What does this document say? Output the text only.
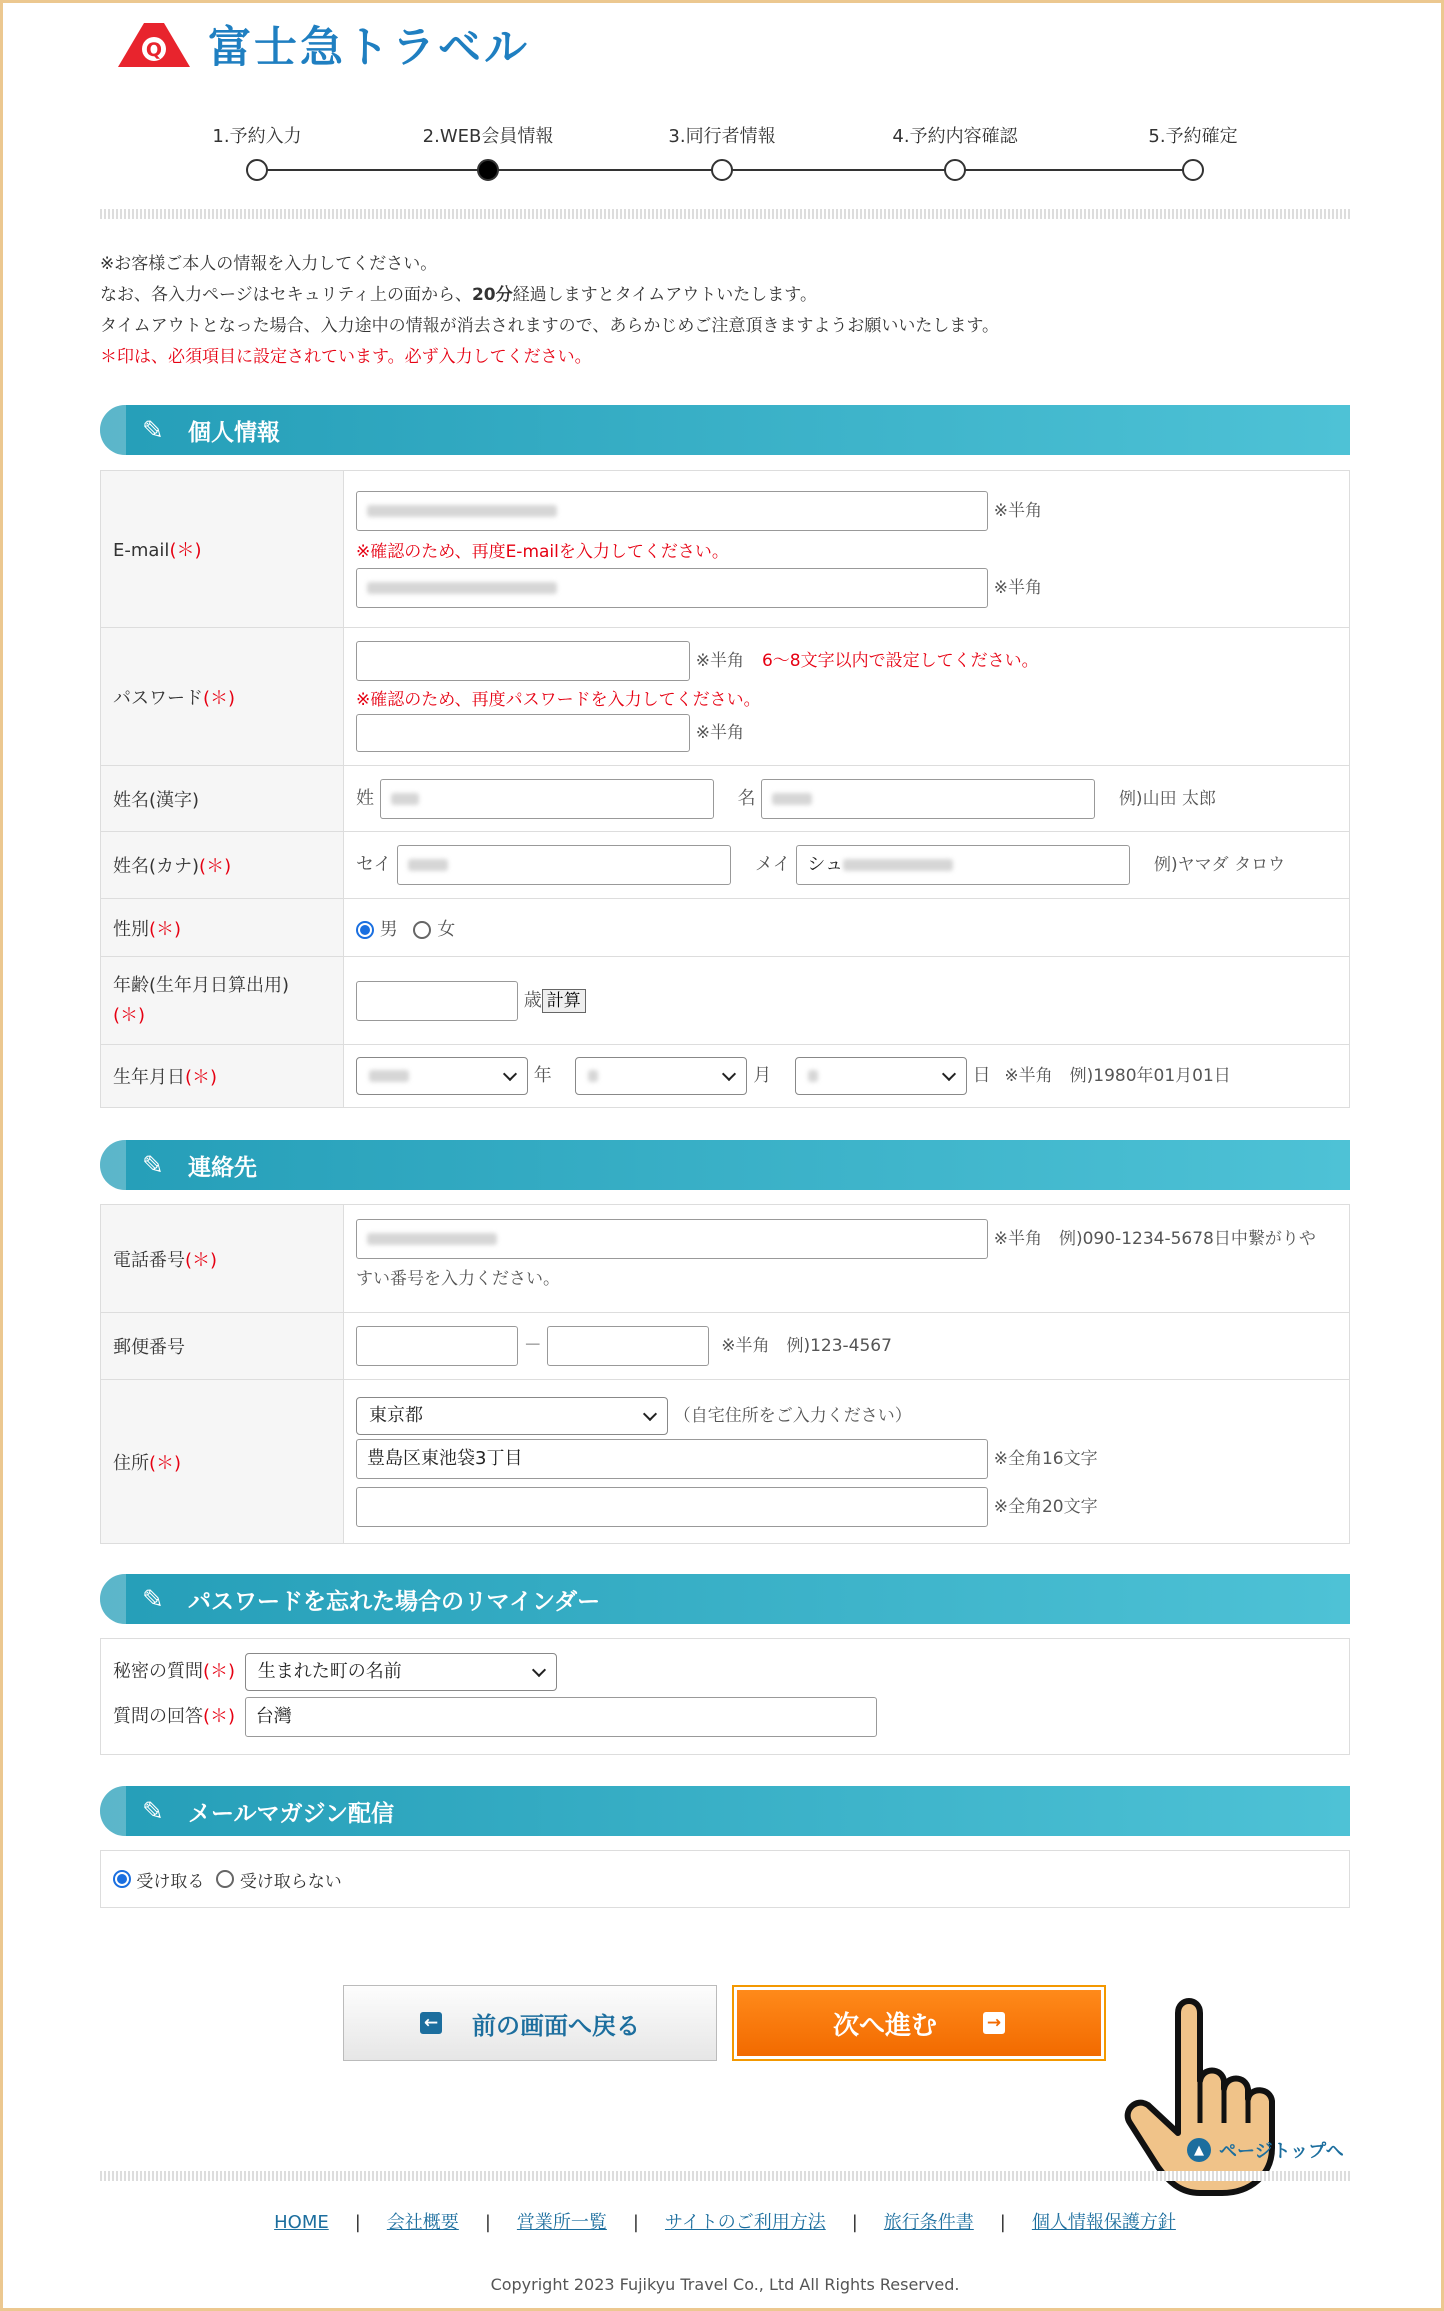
Q 富士急トラベル
1.予約入力	2.WEB会員情報	3.同行者情報	4.予約内容確認	5.予約確定
※お客様ご本人の情報を入力してください。
なお、各入力ページはセキュリティ上の面から、20分経過しますとタイムアウトいたします。
タイムアウトとなった場合、入力途中の情報が消去されますので、あらかじめご注意頂きますようお願いいたします。
＊印は、必須項目に設定されています。必ず入力してください。
✎ 個人情報
E-mail(＊)	※半角
※確認のため、再度E-mailを入力してください。
※半角

パスワード(＊)	※半角　 6～8文字以内で設定してください。
※確認のため、再度パスワードを入力してください。
※半角

姓名(漢字)	姓  　 名  　 例)山田 太郎
姓名(カナ)(＊)	セイ  　 メイ シュ 　 例)ヤマダ タロウ
性別(＊)	男 女
年齢(生年月日算出用)
(＊)	歳 計算
生年月日(＊)	年 　 月 　 日 ※半角　例)1980年01月01日
✎ 連絡先
電話番号(＊)	※半角　例)090-1234-5678日中繋がりや
すい番号を入力ください。
郵便番号	－ ※半角　例)123-4567
住所(＊)	東京都 （自宅住所をご入力ください）
豊島区東池袋3丁目 ※全角16文字
※全角20文字
✎ パスワードを忘れた場合のリマインダー
秘密の質問(＊) 生まれた町の名前
質問の回答(＊) 台灣
✎ メールマガジン配信

受け取る
受け取らない
← 前の画面へ戻る	次へ進む	→
▲ ページトップへ
HOME | 会社概要 | 営業所一覧 | サイトのご利用方法 | 旅行条件書 | 個人情報保護方針
Copyright 2023 Fujikyu Travel Co., Ltd All Rights Reserved.
